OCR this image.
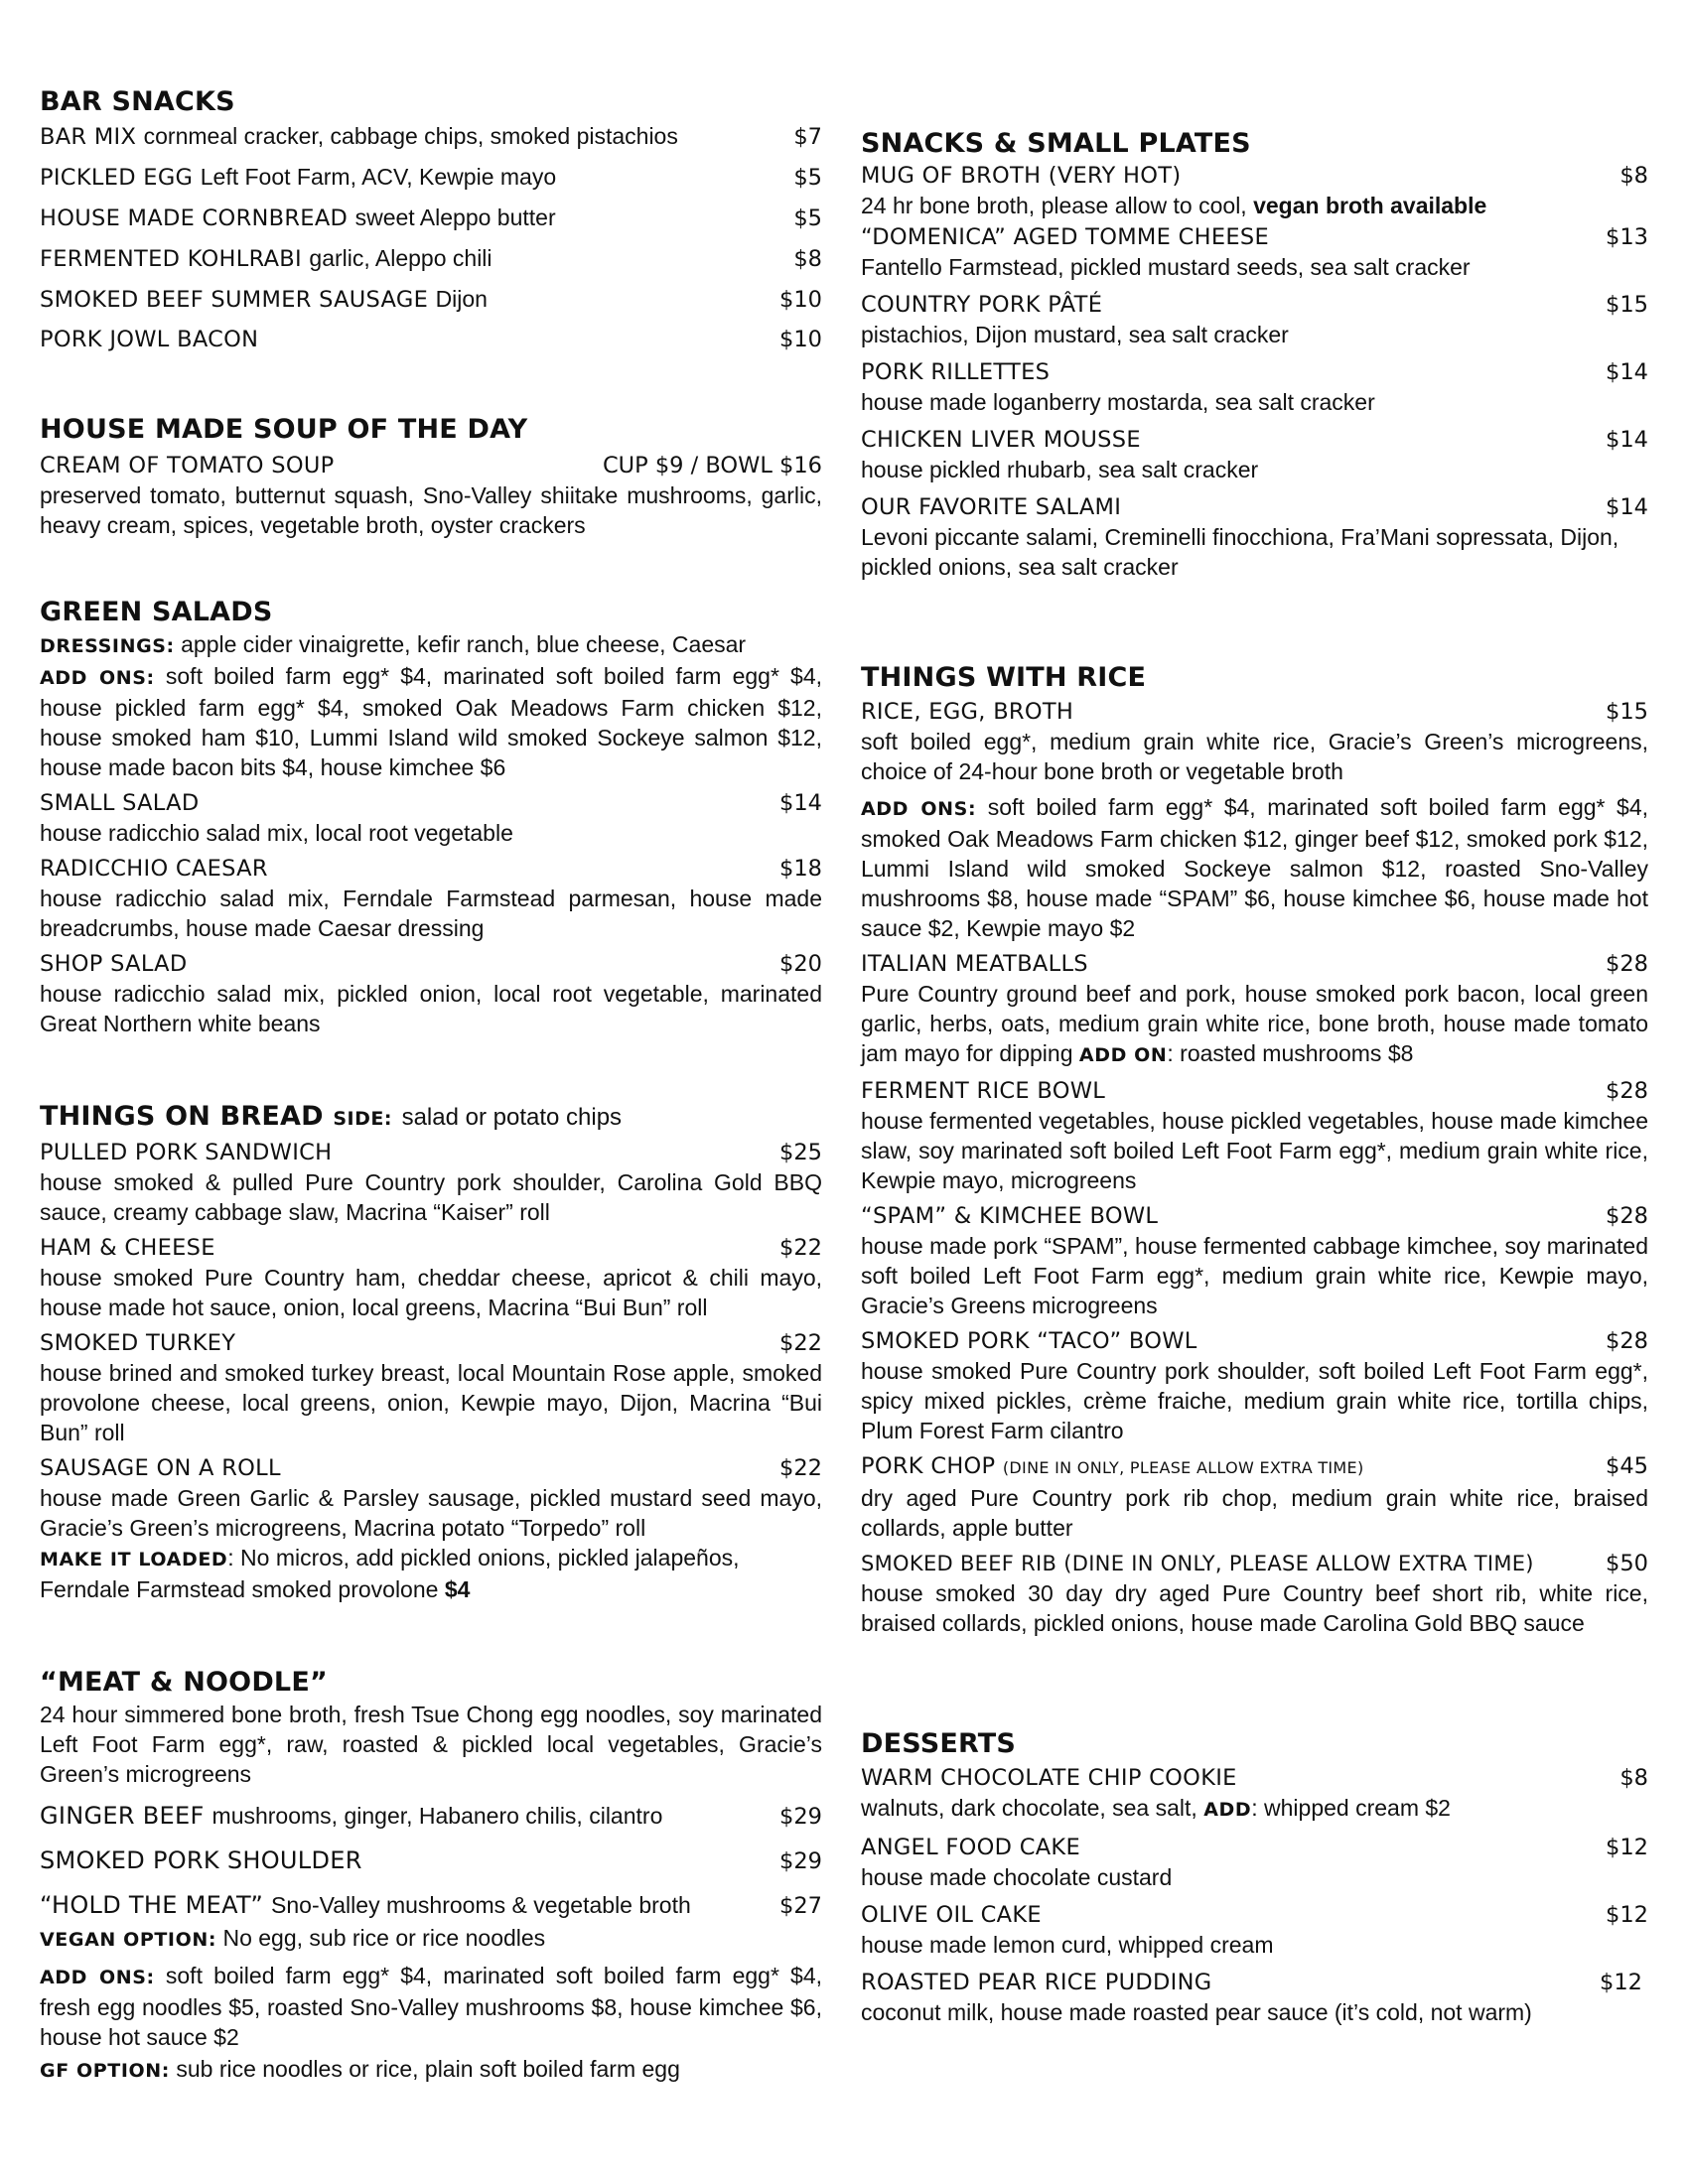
BAR SNACKS
BAR MIX cornmeal cracker, cabbage chips, smoked pistachios	$7
PICKLED EGG Left Foot Farm, ACV, Kewpie mayo	$5
HOUSE MADE CORNBREAD sweet Aleppo butter	$5
FERMENTED KOHLRABI garlic, Aleppo chili	$8
SMOKED BEEF SUMMER SAUSAGE Dijon	$10
PORK JOWL BACON	$10
HOUSE MADE SOUP OF THE DAY
CREAM OF TOMATO SOUP	CUP $9 / BOWL $16
preserved tomato, butternut squash, Sno-Valley shiitake mushrooms, garlic, heavy cream, spices, vegetable broth, oyster crackers
GREEN SALADS
DRESSINGS: apple cider vinaigrette, kefir ranch, blue cheese, Caesar
ADD ONS: soft boiled farm egg* $4, marinated soft boiled farm egg* $4, house pickled farm egg* $4, smoked Oak Meadows Farm chicken $12, house smoked ham $10, Lummi Island wild smoked Sockeye salmon $12, house made bacon bits $4, house kimchee $6
SMALL SALAD	$14
house radicchio salad mix, local root vegetable
RADICCHIO CAESAR	$18
house radicchio salad mix, Ferndale Farmstead parmesan, house made breadcrumbs, house made Caesar dressing
SHOP SALAD	$20
house radicchio salad mix, pickled onion, local root vegetable, marinated Great Northern white beans
THINGS ON BREAD SIDE: salad or potato chips
PULLED PORK SANDWICH	$25
house smoked & pulled Pure Country pork shoulder, Carolina Gold BBQ sauce, creamy cabbage slaw, Macrina “Kaiser” roll
HAM & CHEESE	$22
house smoked Pure Country ham, cheddar cheese, apricot & chili mayo, house made hot sauce, onion, local greens, Macrina “Bui Bun” roll
SMOKED TURKEY	$22
house brined and smoked turkey breast, local Mountain Rose apple, smoked provolone cheese, local greens, onion, Kewpie mayo, Dijon, Macrina “Bui Bun” roll
SAUSAGE ON A ROLL	$22
house made Green Garlic & Parsley sausage, pickled mustard seed mayo, Gracie’s Green’s microgreens, Macrina potato “Torpedo” roll
MAKE IT LOADED: No micros, add pickled onions, pickled jalapeños, Ferndale Farmstead smoked provolone $4
“MEAT & NOODLE”
24 hour simmered bone broth, fresh Tsue Chong egg noodles, soy marinated Left Foot Farm egg*, raw, roasted & pickled local vegetables, Gracie’s Green’s microgreens
GINGER BEEF mushrooms, ginger, Habanero chilis, cilantro	$29
SMOKED PORK SHOULDER	$29
“HOLD THE MEAT” Sno-Valley mushrooms & vegetable broth	$27
VEGAN OPTION: No egg, sub rice or rice noodles
ADD ONS: soft boiled farm egg* $4, marinated soft boiled farm egg* $4, fresh egg noodles $5, roasted Sno-Valley mushrooms $8, house kimchee $6, house hot sauce $2
GF OPTION: sub rice noodles or rice, plain soft boiled farm egg
SNACKS & SMALL PLATES
MUG OF BROTH (VERY HOT)	$8
24 hr bone broth, please allow to cool, vegan broth available
“DOMENICA” AGED TOMME CHEESE	$13
Fantello Farmstead, pickled mustard seeds, sea salt cracker
COUNTRY PORK PÂTÉ	$15
pistachios, Dijon mustard, sea salt cracker
PORK RILLETTES	$14
house made loganberry mostarda, sea salt cracker
CHICKEN LIVER MOUSSE	$14
house pickled rhubarb, sea salt cracker
OUR FAVORITE SALAMI	$14
Levoni piccante salami, Creminelli finocchiona, Fra’Mani sopressata, Dijon, pickled onions, sea salt cracker
THINGS WITH RICE
RICE, EGG, BROTH	$15
soft boiled egg*, medium grain white rice, Gracie’s Green’s microgreens, choice of 24-hour bone broth or vegetable broth
ADD ONS: soft boiled farm egg* $4, marinated soft boiled farm egg* $4, smoked Oak Meadows Farm chicken $12, ginger beef $12, smoked pork $12, Lummi Island wild smoked Sockeye salmon $12, roasted Sno-Valley mushrooms $8, house made “SPAM” $6, house kimchee $6, house made hot sauce $2, Kewpie mayo $2
ITALIAN MEATBALLS	$28
Pure Country ground beef and pork, house smoked pork bacon, local green garlic, herbs, oats, medium grain white rice, bone broth, house made tomato jam mayo for dipping ADD ON: roasted mushrooms $8
FERMENT RICE BOWL	$28
house fermented vegetables, house pickled vegetables, house made kimchee slaw, soy marinated soft boiled Left Foot Farm egg*, medium grain white rice, Kewpie mayo, microgreens
“SPAM” & KIMCHEE BOWL	$28
house made pork “SPAM”, house fermented cabbage kimchee, soy marinated soft boiled Left Foot Farm egg*, medium grain white rice, Kewpie mayo, Gracie’s Greens microgreens
SMOKED PORK “TACO” BOWL	$28
house smoked Pure Country pork shoulder, soft boiled Left Foot Farm egg*, spicy mixed pickles, crème fraiche, medium grain white rice, tortilla chips, Plum Forest Farm cilantro
PORK CHOP (DINE IN ONLY, PLEASE ALLOW EXTRA TIME)	$45
dry aged Pure Country pork rib chop, medium grain white rice, braised collards, apple butter
SMOKED BEEF RIB (DINE IN ONLY, PLEASE ALLOW EXTRA TIME)	$50
house smoked 30 day dry aged Pure Country beef short rib, white rice, braised collards, pickled onions, house made Carolina Gold BBQ sauce
DESSERTS
WARM CHOCOLATE CHIP COOKIE	$8
walnuts, dark chocolate, sea salt, ADD: whipped cream $2
ANGEL FOOD CAKE	$12
house made chocolate custard
OLIVE OIL CAKE	$12
house made lemon curd, whipped cream
ROASTED PEAR RICE PUDDING	$12
coconut milk, house made roasted pear sauce (it’s cold, not warm)
